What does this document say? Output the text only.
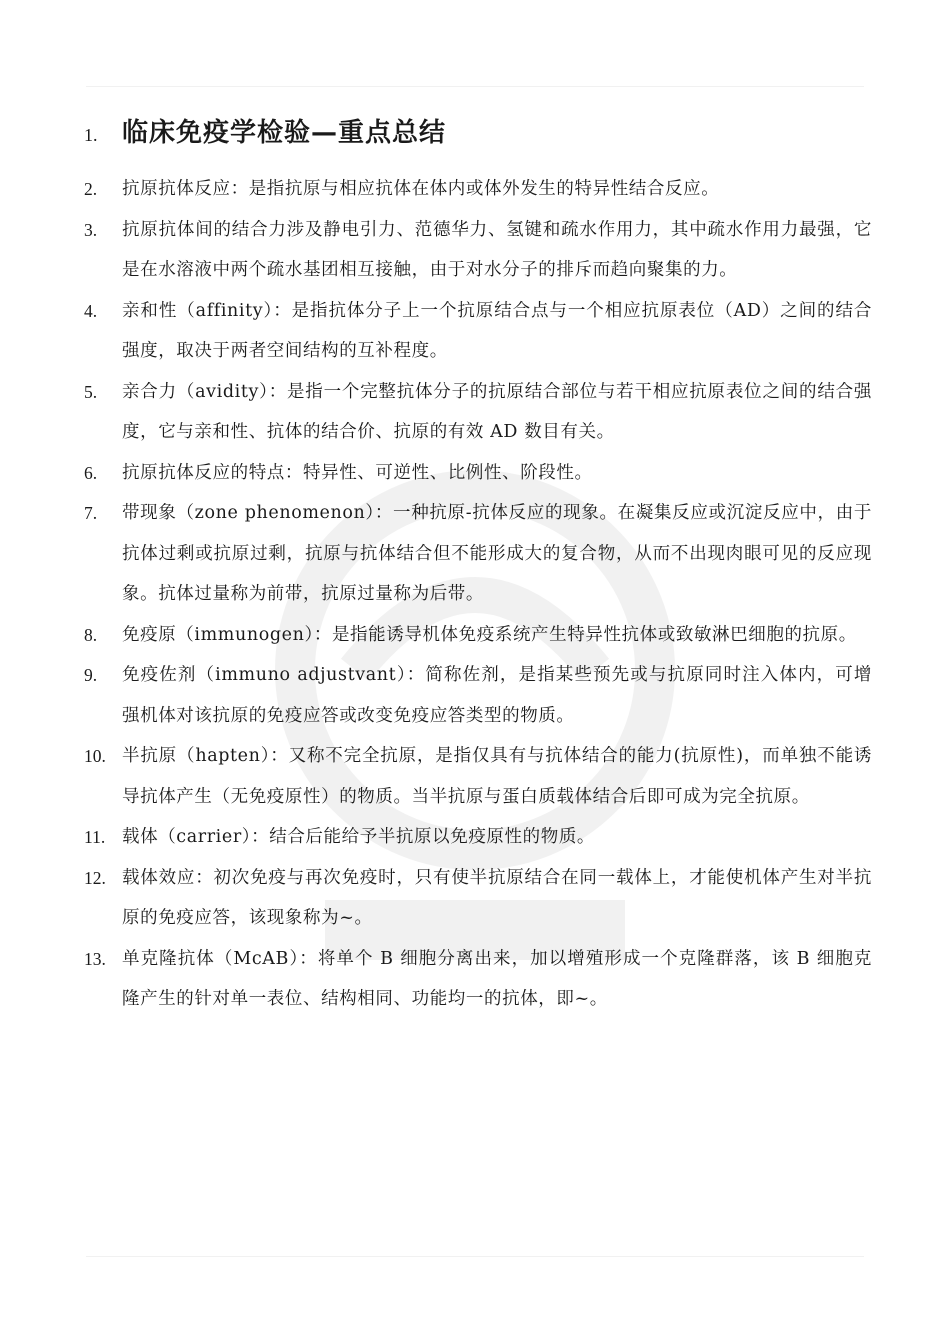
1. 临床免疫学检验—重点总结
2.	抗原抗体反应：是指抗原与相应抗体在体内或体外发生的特异性结合反应。
3.	抗原抗体间的结合力涉及静电引力、范德华力、氢键和疏水作用力，其中疏水作用力最强，它是在水溶液中两个疏水基团相互接触，由于对水分子的排斥而趋向聚集的力。
4.	亲和性（affinity）：是指抗体分子上一个抗原结合点与一个相应抗原表位（AD）之间的结合强度，取决于两者空间结构的互补程度。
5.	亲合力（avidity）：是指一个完整抗体分子的抗原结合部位与若干相应抗原表位之间的结合强度，它与亲和性、抗体的结合价、抗原的有效 AD 数目有关。
6.	抗原抗体反应的特点：特异性、可逆性、比例性、阶段性。
7.	带现象（zone phenomenon）：一种抗原-抗体反应的现象。在凝集反应或沉淀反应中，由于抗体过剩或抗原过剩，抗原与抗体结合但不能形成大的复合物，从而不出现肉眼可见的反应现象。抗体过量称为前带，抗原过量称为后带。
8.	免疫原（immunogen）：是指能诱导机体免疫系统产生特异性抗体或致敏淋巴细胞的抗原。
9.	免疫佐剂（immuno adjustvant）：简称佐剂，是指某些预先或与抗原同时注入体内，可增强机体对该抗原的免疫应答或改变免疫应答类型的物质。
10. 半抗原（hapten）：又称不完全抗原，是指仅具有与抗体结合的能力(抗原性)，而单独不能诱导抗体产生（无免疫原性）的物质。当半抗原与蛋白质载体结合后即可成为完全抗原。
11. 载体（carrier）：结合后能给予半抗原以免疫原性的物质。
12. 载体效应：初次免疫与再次免疫时，只有使半抗原结合在同一载体上，才能使机体产生对半抗原的免疫应答，该现象称为~。
13. 单克隆抗体（McAB）：将单个 B 细胞分离出来，加以增殖形成一个克隆群落，该 B 细胞克隆产生的针对单一表位、结构相同、功能均一的抗体，即~。
